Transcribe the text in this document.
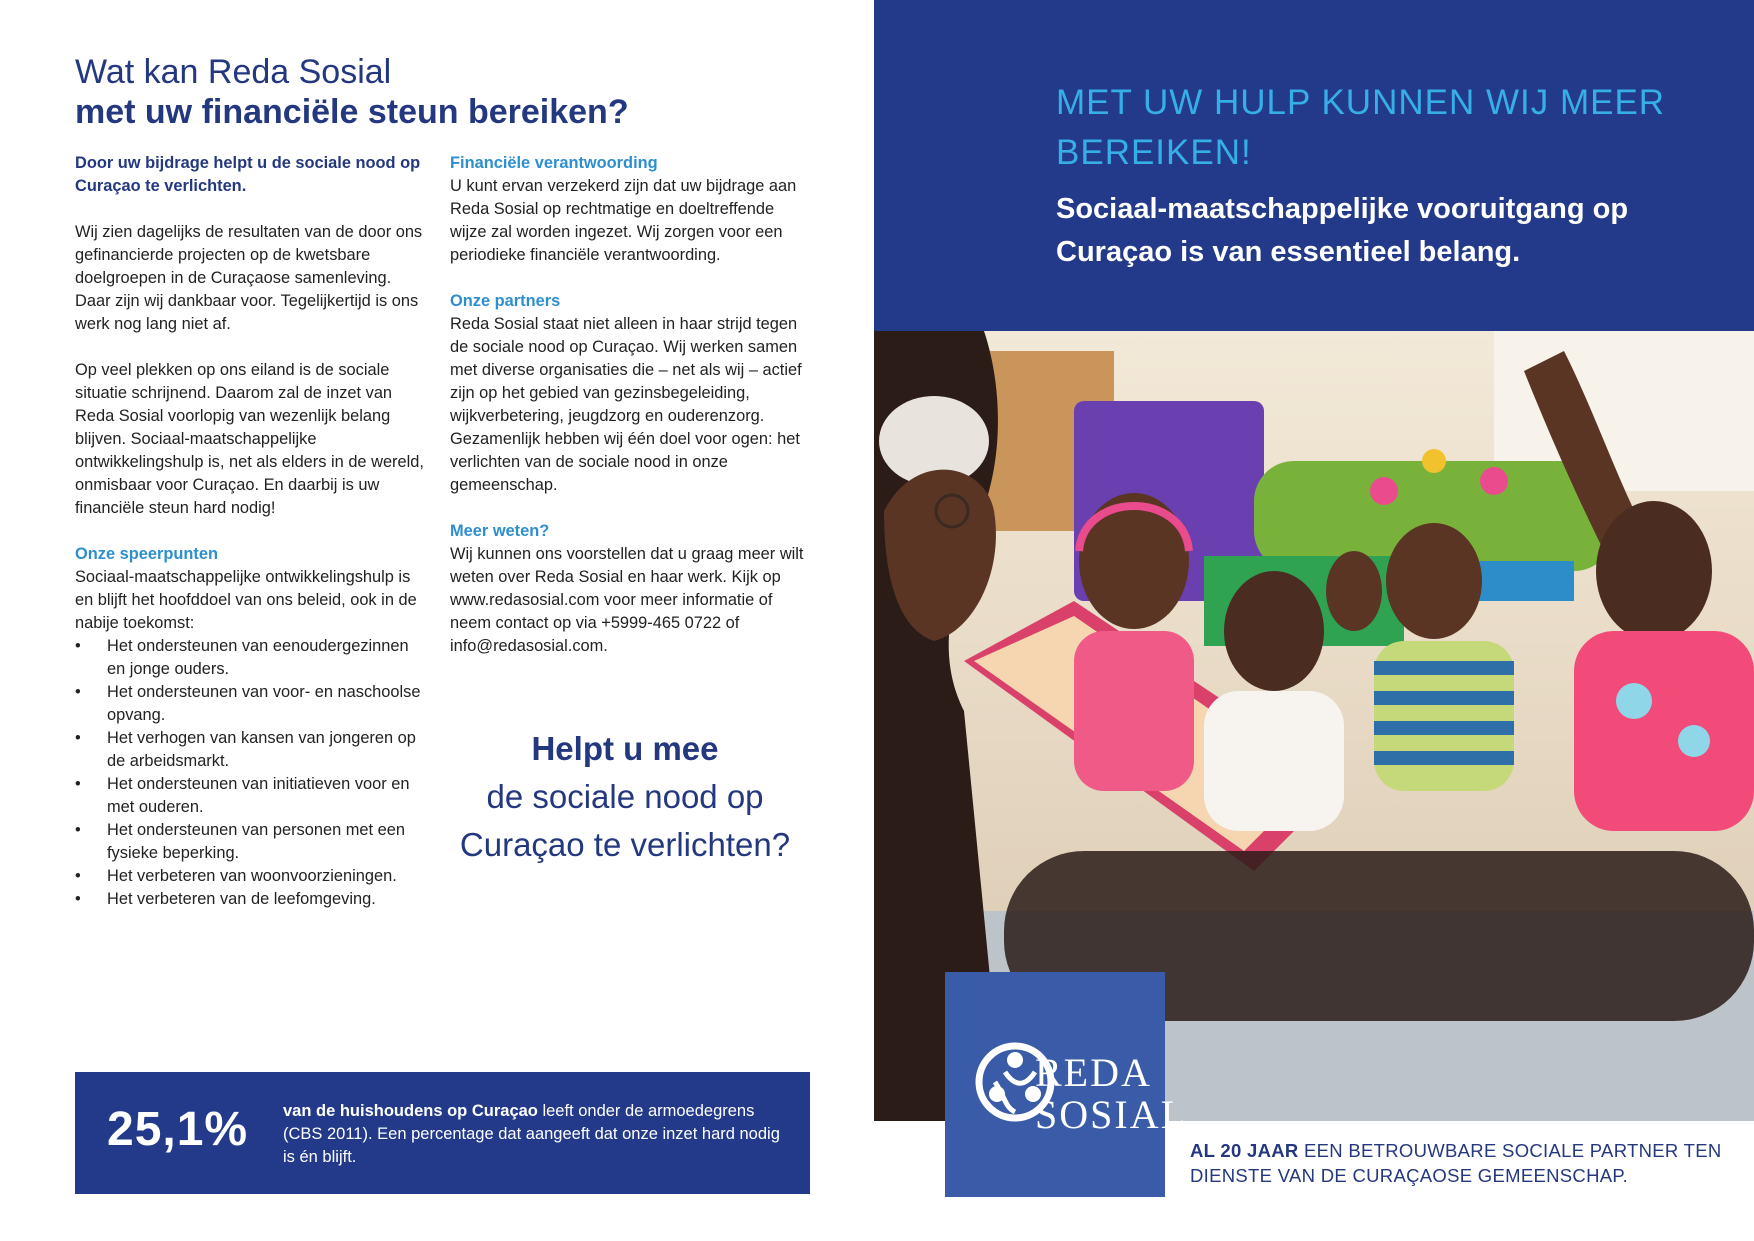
Wat kan Reda Sosial
met uw financiële steun bereiken?

Door uw bijdrage helpt u de sociale nood op Curaçao te verlichten.

Wij zien dagelijks de resultaten van de door ons gefinancierde projecten op de kwetsbare doelgroepen in de Curaçaose samenleving. Daar zijn wij dankbaar voor. Tegelijkertijd is ons werk nog lang niet af.

Op veel plekken op ons eiland is de sociale situatie schrijnend. Daarom zal de inzet van Reda Sosial voorlopig van wezenlijk belang blijven. Sociaal-maatschappelijke ontwikkelingshulp is, net als elders in de wereld, onmisbaar voor Curaçao. En daarbij is uw financiële steun hard nodig!

Onze speerpunten
Sociaal-maatschappelijke ontwikkelingshulp is en blijft het hoofddoel van ons beleid, ook in de nabije toekomst:
• Het ondersteunen van eenoudergezinnen en jonge ouders.
• Het ondersteunen van voor- en naschoolse opvang.
• Het verhogen van kansen van jongeren op de arbeidsmarkt.
• Het ondersteunen van initiatieven voor en met ouderen.
• Het ondersteunen van personen met een fysieke beperking.
• Het verbeteren van woonvoorzieningen.
• Het verbeteren van de leefomgeving.

Financiële verantwoording
U kunt ervan verzekerd zijn dat uw bijdrage aan Reda Sosial op rechtmatige en doeltreffende wijze zal worden ingezet. Wij zorgen voor een periodieke financiële verantwoording.

Onze partners
Reda Sosial staat niet alleen in haar strijd tegen de sociale nood op Curaçao. Wij werken samen met diverse organisaties die – net als wij – actief zijn op het gebied van gezinsbegeleiding, wijkverbetering, jeugdzorg en ouderenzorg. Gezamenlijk hebben wij één doel voor ogen: het verlichten van de sociale nood in onze gemeenschap.

Meer weten?
Wij kunnen ons voorstellen dat u graag meer wilt weten over Reda Sosial en haar werk. Kijk op www.redasosial.com voor meer informatie of neem contact op via +5999-465 0722 of info@redasosial.com.

Helpt u mee
de sociale nood op Curaçao te verlichten?
25,1% van de huishoudens op Curaçao leeft onder de armoedegrens (CBS 2011). Een percentage dat aangeeft dat onze inzet hard nodig is én blijft.
MET UW HULP KUNNEN WIJ MEER BEREIKEN!
Sociaal-maatschappelijke vooruitgang op Curaçao is van essentieel belang.
REDA
SOSIAL
AL 20 JAAR EEN BETROUWBARE SOCIALE PARTNER TEN DIENSTE VAN DE CURAÇAOSE GEMEENSCHAP.
